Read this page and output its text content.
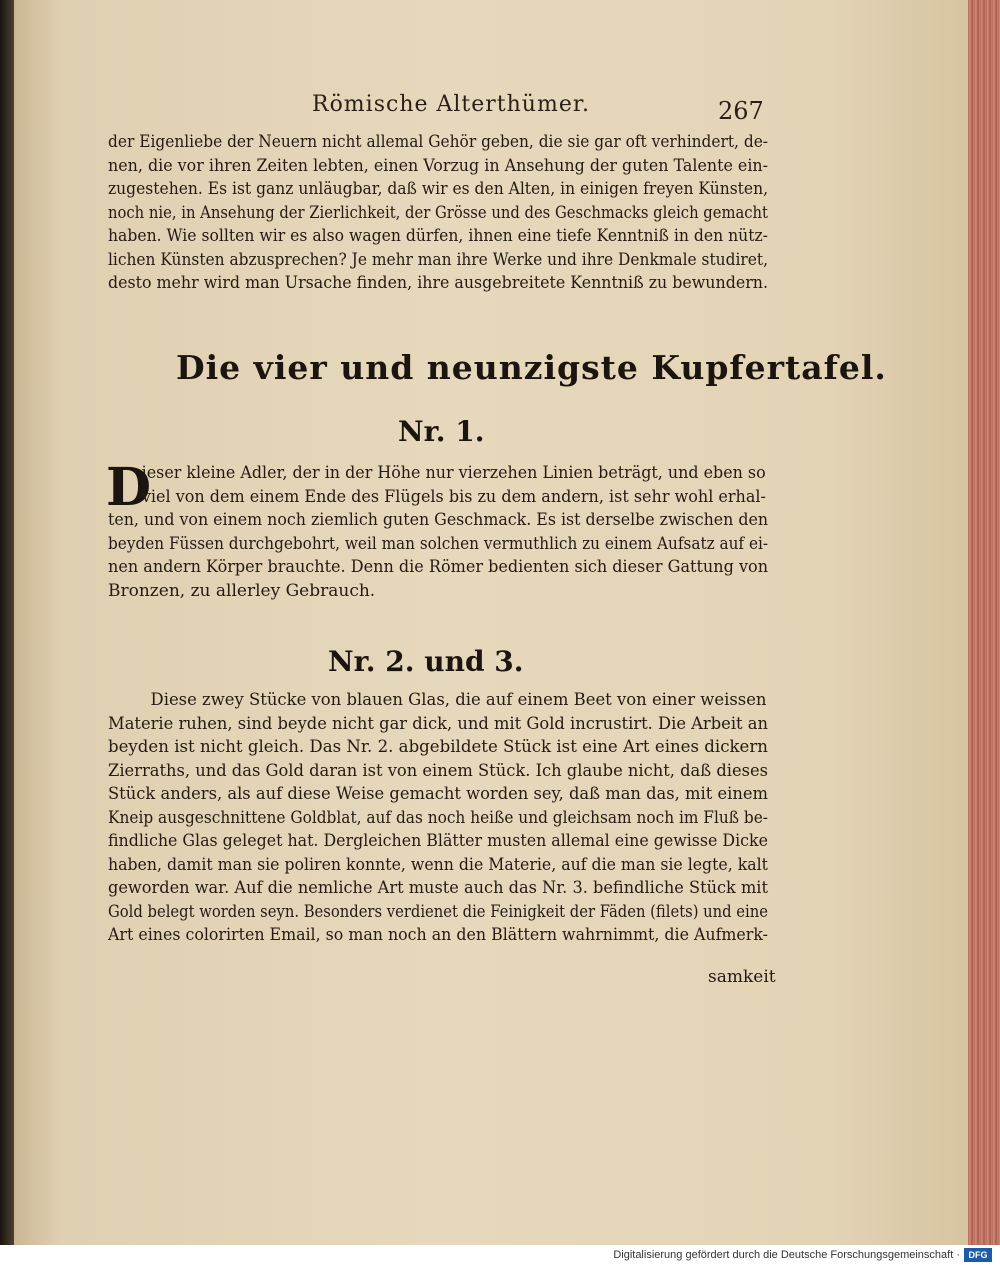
Römische Alterthümer.	267
der Eigenliebe der Neuern nicht allemal Gehör geben, die sie gar oft verhindert, de-
nen, die vor ihren Zeiten lebten, einen Vorzug in Ansehung der guten Talente ein-
zugestehen. Es ist ganz unläugbar, daß wir es den Alten, in einigen freyen Künsten,
noch nie, in Ansehung der Zierlichkeit, der Grösse und des Geschmacks gleich gemacht
haben. Wie sollten wir es also wagen dürfen, ihnen eine tiefe Kenntniß in den nütz-
lichen Künsten abzusprechen? Je mehr man ihre Werke und ihre Denkmale studiret,
desto mehr wird man Ursache finden, ihre ausgebreitete Kenntniß zu bewundern.
Die vier und neunzigste Kupfertafel.
Nr. 1.
D
ieser kleine Adler, der in der Höhe nur vierzehen Linien beträgt, und eben so
viel von dem einem Ende des Flügels bis zu dem andern, ist sehr wohl erhal-
ten, und von einem noch ziemlich guten Geschmack. Es ist derselbe zwischen den
beyden Füssen durchgebohrt, weil man solchen vermuthlich zu einem Aufsatz auf ei-
nen andern Körper brauchte. Denn die Römer bedienten sich dieser Gattung von
Bronzen, zu allerley Gebrauch.
Nr. 2. und 3.
Diese zwey Stücke von blauen Glas, die auf einem Beet von einer weissen
Materie ruhen, sind beyde nicht gar dick, und mit Gold incrustirt. Die Arbeit an
beyden ist nicht gleich. Das Nr. 2. abgebildete Stück ist eine Art eines dickern
Zierraths, und das Gold daran ist von einem Stück. Ich glaube nicht, daß dieses
Stück anders, als auf diese Weise gemacht worden sey, daß man das, mit einem
Kneip ausgeschnittene Goldblat, auf das noch heiße und gleichsam noch im Fluß be-
findliche Glas geleget hat. Dergleichen Blätter musten allemal eine gewisse Dicke
haben, damit man sie poliren konnte, wenn die Materie, auf die man sie legte, kalt
geworden war. Auf die nemliche Art muste auch das Nr. 3. befindliche Stück mit
Gold belegt worden seyn. Besonders verdienet die Feinigkeit der Fäden (filets) und eine
Art eines colorirten Email, so man noch an den Blättern wahrnimmt, die Aufmerk-
samkeit
Digitalisierung gefördert durch die Deutsche Forschungsgemeinschaft · DFG
